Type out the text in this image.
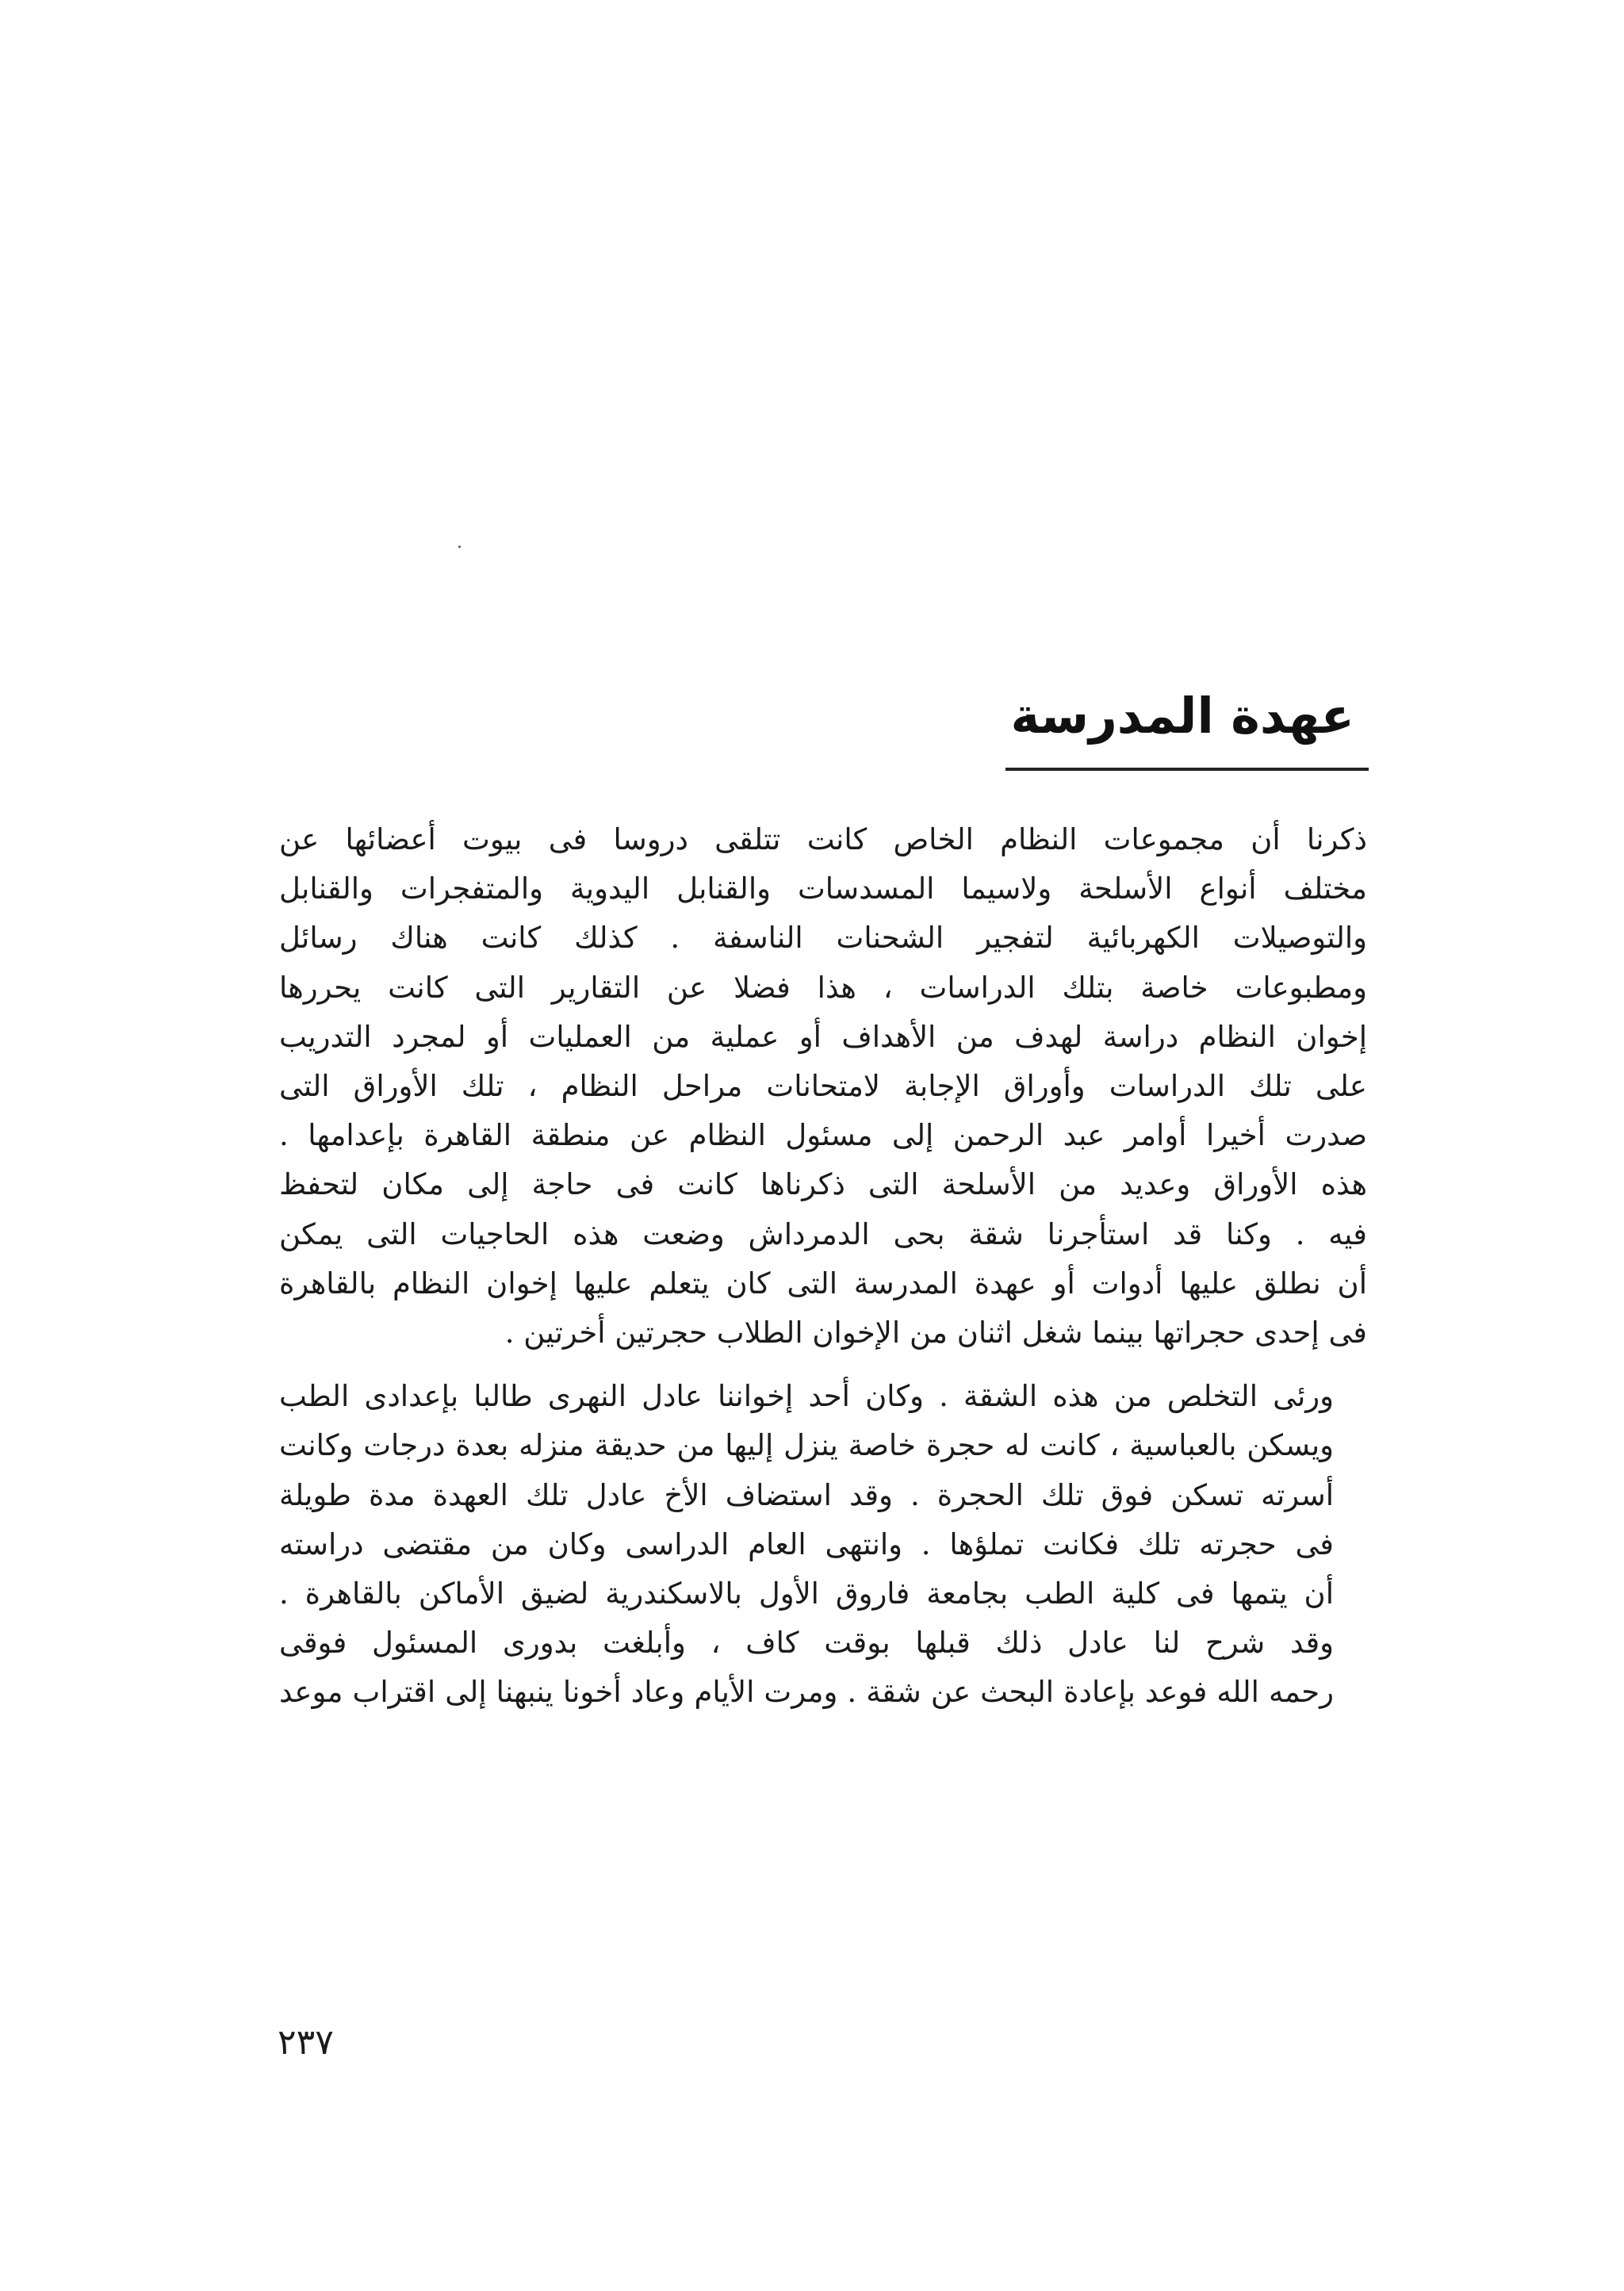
عهدة المدرسة

ذكرنا أن مجموعات النظام الخاص كانت تتلقى دروسا فى بيوت أعضائها عن
مختلف أنواع الأسلحة ولاسيما المسدسات والقنابل اليدوية والمتفجرات والقنابل
والتوصيلات الكهربائية لتفجير الشحنات الناسفة . كذلك كانت هناك رسائل
ومطبوعات خاصة بتلك الدراسات ، هذا فضلا عن التقارير التى كانت يحررها
إخوان النظام دراسة لهدف من الأهداف أو عملية من العمليات أو لمجرد التدريب
على تلك الدراسات وأوراق الإجابة لامتحانات مراحل النظام ، تلك الأوراق التى
صدرت أخيرا أوامر عبد الرحمن إلى مسئول النظام عن منطقة القاهرة بإعدامها .
هذه الأوراق وعديد من الأسلحة التى ذكرناها كانت فى حاجة إلى مكان لتحفظ
فيه . وكنا قد استأجرنا شقة بحى الدمرداش وضعت هذه الحاجيات التى يمكن
أن نطلق عليها أدوات أو عهدة المدرسة التى كان يتعلم عليها إخوان النظام بالقاهرة
فى إحدى حجراتها بينما شغل اثنان من الإخوان الطلاب حجرتين أخرتين .

ورئى التخلص من هذه الشقة . وكان أحد إخواننا عادل النهرى طالبا بإعدادى الطب
ويسكن بالعباسية ، كانت له حجرة خاصة ينزل إليها من حديقة منزله بعدة درجات وكانت
أسرته تسكن فوق تلك الحجرة . وقد استضاف الأخ عادل تلك العهدة مدة طويلة
فى حجرته تلك فكانت تملؤها . وانتهى العام الدراسى وكان من مقتضى دراسته
أن يتمها فى كلية الطب بجامعة فاروق الأول بالاسكندرية لضيق الأماكن بالقاهرة .
وقد شرح لنا عادل ذلك قبلها بوقت كاف ، وأبلغت بدورى المسئول فوقى
رحمه الله فوعد بإعادة البحث عن شقة . ومرت الأيام وعاد أخونا ينبهنا إلى اقتراب موعد

٢٣٧
